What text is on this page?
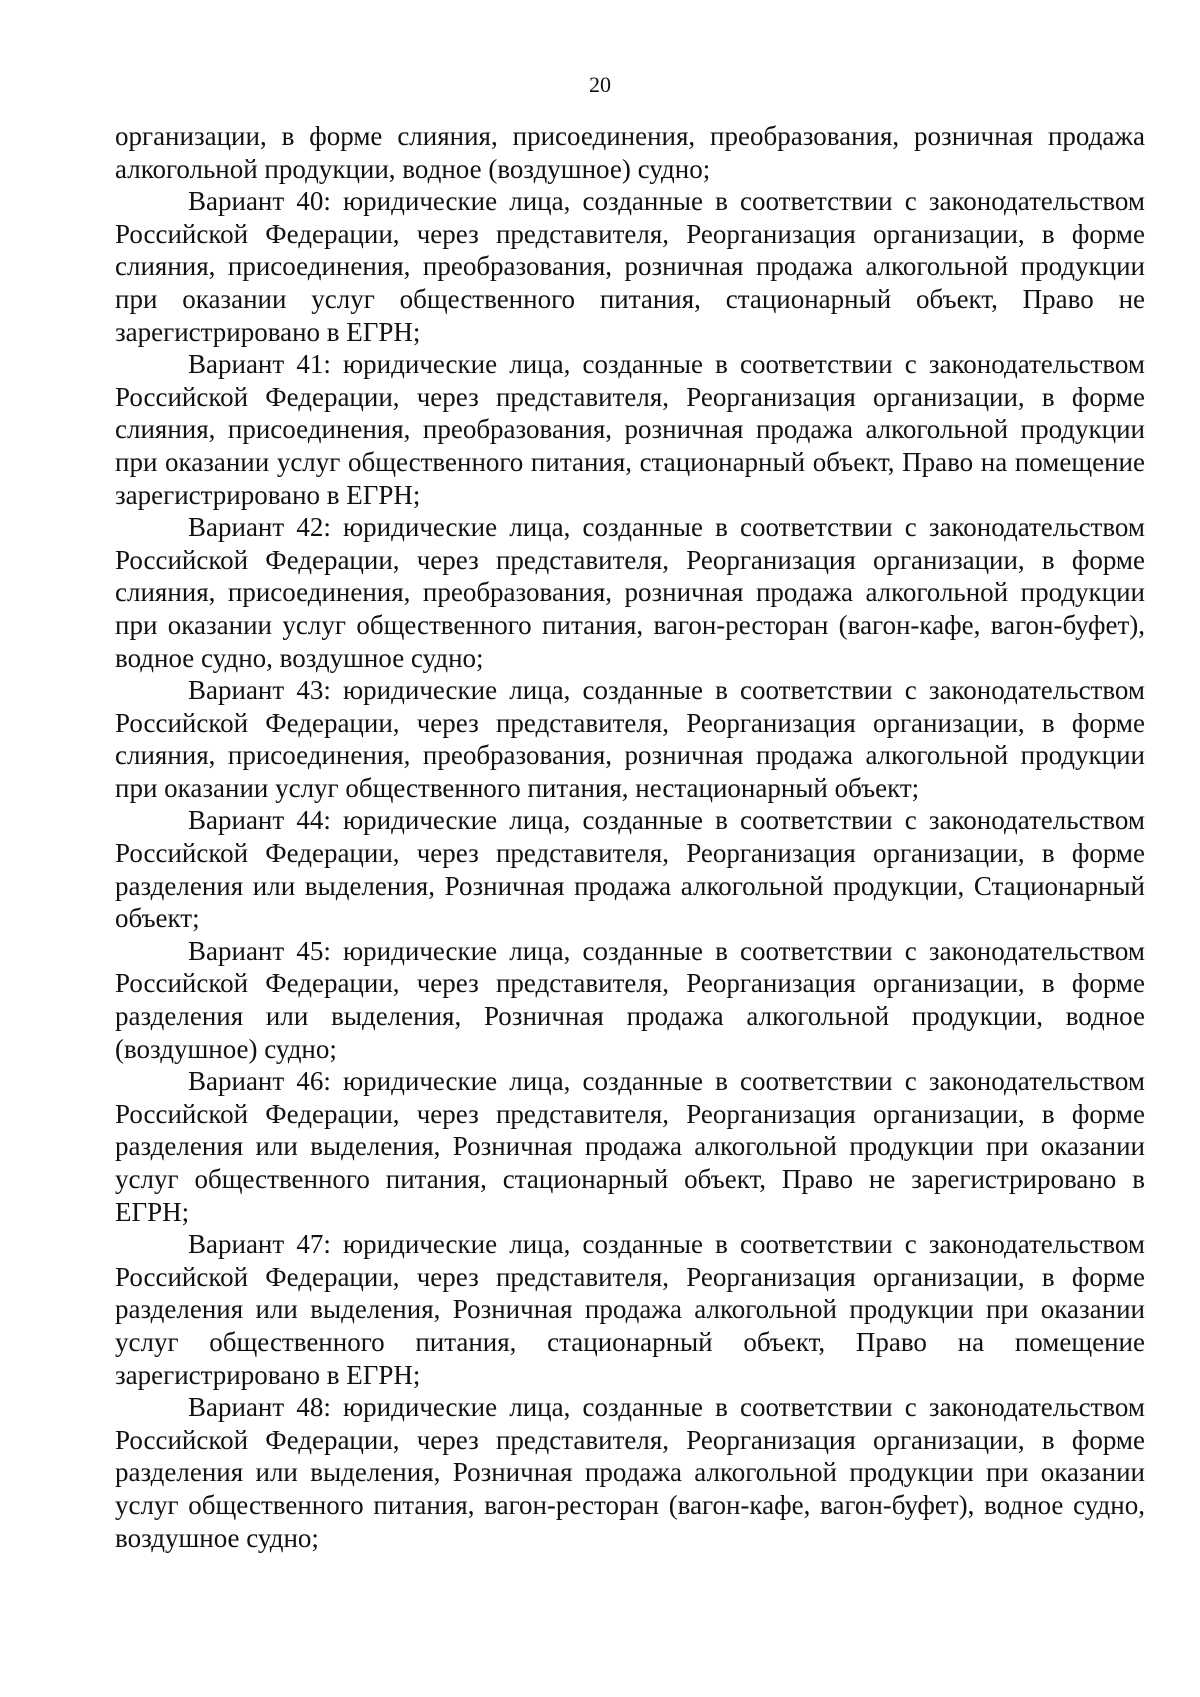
20

организации, в форме слияния, присоединения, преобразования, розничная продажа алкогольной продукции, водное (воздушное) судно;

Вариант 40: юридические лица, созданные в соответствии с законодательством Российской Федерации, через представителя, Реорганизация организации, в форме слияния, присоединения, преобразования, розничная продажа алкогольной продукции при оказании услуг общественного питания, стационарный объект, Право не зарегистрировано в ЕГРН;

Вариант 41: юридические лица, созданные в соответствии с законодательством Российской Федерации, через представителя, Реорганизация организации, в форме слияния, присоединения, преобразования, розничная продажа алкогольной продукции при оказании услуг общественного питания, стационарный объект, Право на помещение зарегистрировано в ЕГРН;

Вариант 42: юридические лица, созданные в соответствии с законодательством Российской Федерации, через представителя, Реорганизация организации, в форме слияния, присоединения, преобразования, розничная продажа алкогольной продукции при оказании услуг общественного питания, вагон-ресторан (вагон-кафе, вагон-буфет), водное судно, воздушное судно;

Вариант 43: юридические лица, созданные в соответствии с законодательством Российской Федерации, через представителя, Реорганизация организации, в форме слияния, присоединения, преобразования, розничная продажа алкогольной продукции при оказании услуг общественного питания, нестационарный объект;

Вариант 44: юридические лица, созданные в соответствии с законодательством Российской Федерации, через представителя, Реорганизация организации, в форме разделения или выделения, Розничная продажа алкогольной продукции, Стационарный объект;

Вариант 45: юридические лица, созданные в соответствии с законодательством Российской Федерации, через представителя, Реорганизация организации, в форме разделения или выделения, Розничная продажа алкогольной продукции, водное (воздушное) судно;

Вариант 46: юридические лица, созданные в соответствии с законодательством Российской Федерации, через представителя, Реорганизация организации, в форме разделения или выделения, Розничная продажа алкогольной продукции при оказании услуг общественного питания, стационарный объект, Право не зарегистрировано в ЕГРН;

Вариант 47: юридические лица, созданные в соответствии с законодательством Российской Федерации, через представителя, Реорганизация организации, в форме разделения или выделения, Розничная продажа алкогольной продукции при оказании услуг общественного питания, стационарный объект, Право на помещение зарегистрировано в ЕГРН;

Вариант 48: юридические лица, созданные в соответствии с законодательством Российской Федерации, через представителя, Реорганизация организации, в форме разделения или выделения, Розничная продажа алкогольной продукции при оказании услуг общественного питания, вагон-ресторан (вагон-кафе, вагон-буфет), водное судно, воздушное судно;
